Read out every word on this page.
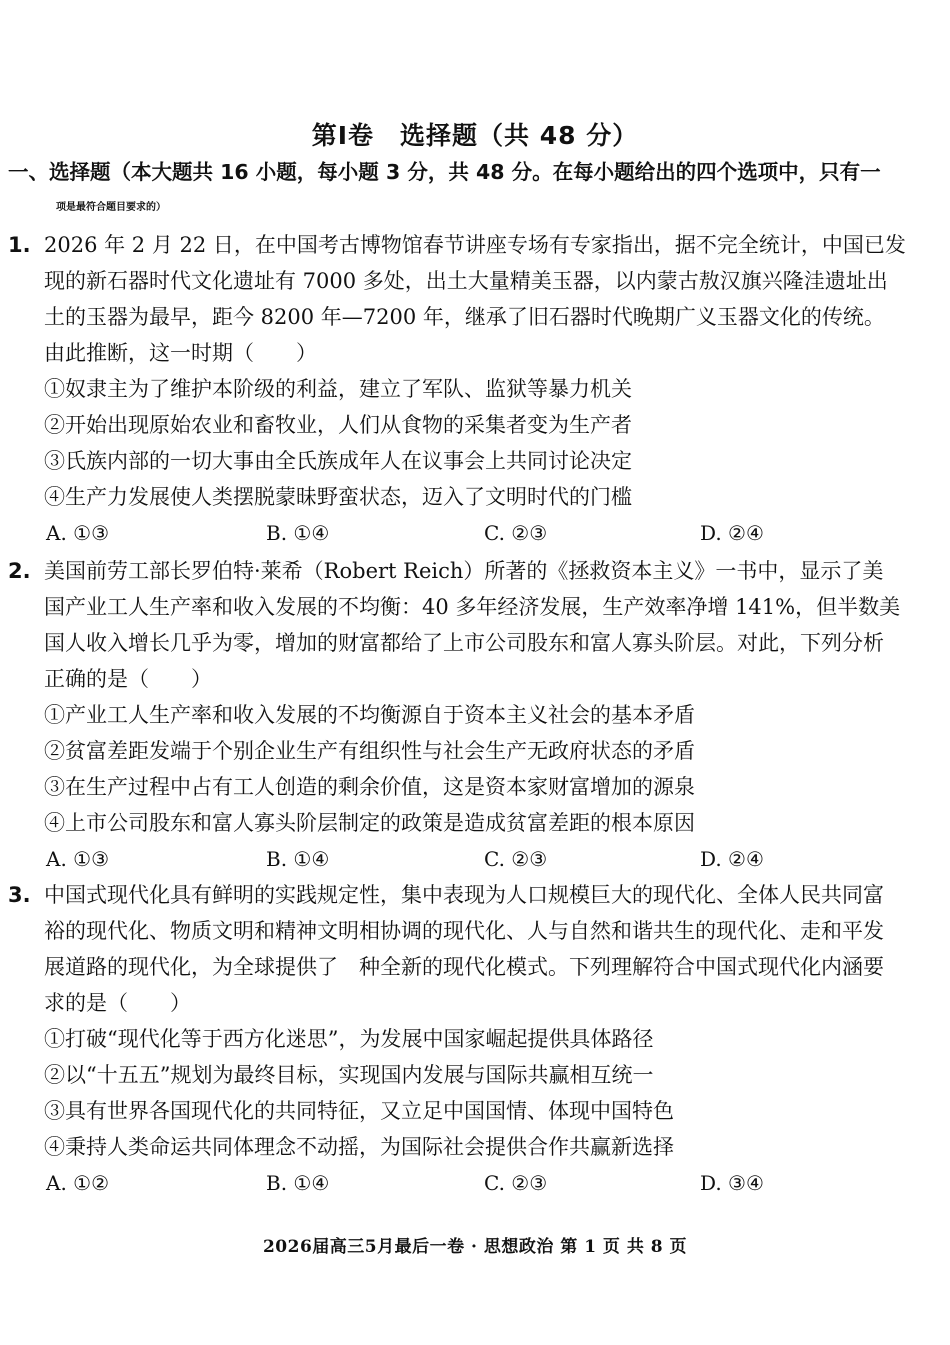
第Ⅰ卷　选择题（共 48 分）
一、选择题（本大题共 16 小题，每小题 3 分，共 48 分。在每小题给出的四个选项中，只有一
项是最符合题目要求的）
1. 2026 年 2 月 22 日，在中国考古博物馆春节讲座专场有专家指出，据不完全统计，中国已发
现的新石器时代文化遗址有 7000 多处，出土大量精美玉器，以内蒙古敖汉旗兴隆洼遗址出
土的玉器为最早，距今 8200 年—7200 年，继承了旧石器时代晚期广义玉器文化的传统。
由此推断，这一时期（　　）
①奴隶主为了维护本阶级的利益，建立了军队、监狱等暴力机关
②开始出现原始农业和畜牧业，人们从食物的采集者变为生产者
③氏族内部的一切大事由全氏族成年人在议事会上共同讨论决定
④生产力发展使人类摆脱蒙昧野蛮状态，迈入了文明时代的门槛
A. ①③	B. ①④	C. ②③	D. ②④
2. 美国前劳工部长罗伯特·莱希（Robert Reich）所著的《拯救资本主义》一书中，显示了美
国产业工人生产率和收入发展的不均衡：40 多年经济发展，生产效率净增 141%，但半数美
国人收入增长几乎为零，增加的财富都给了上市公司股东和富人寡头阶层。对此，下列分析
正确的是（　　）
①产业工人生产率和收入发展的不均衡源自于资本主义社会的基本矛盾
②贫富差距发端于个别企业生产有组织性与社会生产无政府状态的矛盾
③在生产过程中占有工人创造的剩余价值，这是资本家财富增加的源泉
④上市公司股东和富人寡头阶层制定的政策是造成贫富差距的根本原因
A. ①③	B. ①④	C. ②③	D. ②④
3. 中国式现代化具有鲜明的实践规定性，集中表现为人口规模巨大的现代化、全体人民共同富
裕的现代化、物质文明和精神文明相协调的现代化、人与自然和谐共生的现代化、走和平发
展道路的现代化，为全球提供了　种全新的现代化模式。下列理解符合中国式现代化内涵要
求的是（　　）
①打破“现代化等于西方化迷思”，为发展中国家崛起提供具体路径
②以“十五五”规划为最终目标，实现国内发展与国际共赢相互统一
③具有世界各国现代化的共同特征，又立足中国国情、体现中国特色
④秉持人类命运共同体理念不动摇，为国际社会提供合作共赢新选择
A. ①②	B. ①④	C. ②③	D. ③④
2026届高三5月最后一卷 · 思想政治 第 1 页 共 8 页
